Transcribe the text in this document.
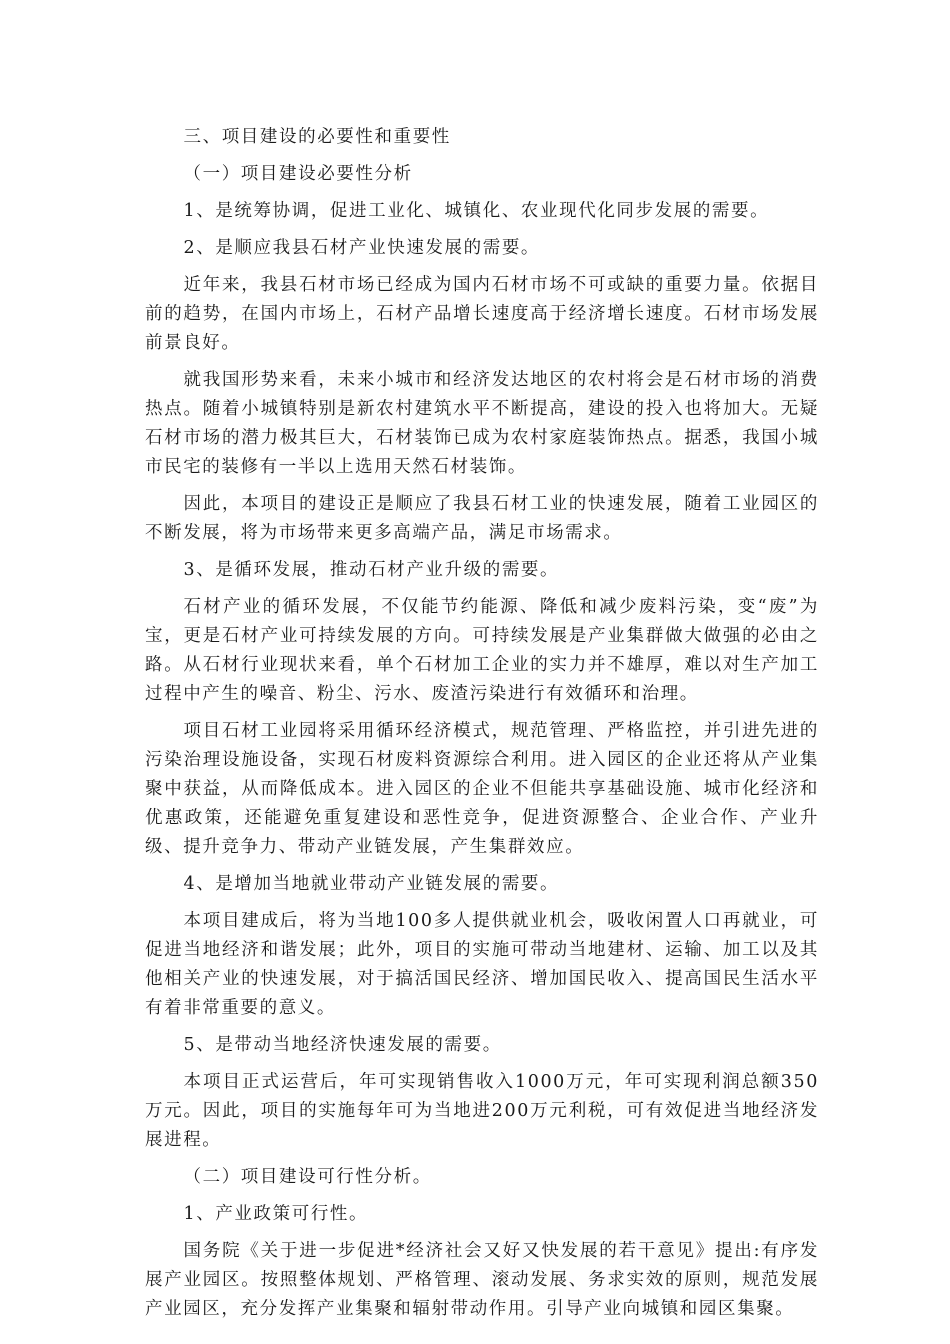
三、项目建设的必要性和重要性

（一）项目建设必要性分析

1、是统筹协调，促进工业化、城镇化、农业现代化同步发展的需要。

2、是顺应我县石材产业快速发展的需要。

近年来，我县石材市场已经成为国内石材市场不可或缺的重要力量。依据目前的趋势，在国内市场上，石材产品增长速度高于经济增长速度。石材市场发展前景良好。

就我国形势来看，未来小城市和经济发达地区的农村将会是石材市场的消费热点。随着小城镇特别是新农村建筑水平不断提高，建设的投入也将加大。无疑石材市场的潜力极其巨大，石材装饰已成为农村家庭装饰热点。据悉，我国小城市民宅的装修有一半以上选用天然石材装饰。

因此，本项目的建设正是顺应了我县石材工业的快速发展，随着工业园区的不断发展，将为市场带来更多高端产品，满足市场需求。

3、是循环发展，推动石材产业升级的需要。

石材产业的循环发展，不仅能节约能源、降低和减少废料污染，变“废”为宝，更是石材产业可持续发展的方向。可持续发展是产业集群做大做强的必由之路。从石材行业现状来看，单个石材加工企业的实力并不雄厚，难以对生产加工过程中产生的噪音、粉尘、污水、废渣污染进行有效循环和治理。

项目石材工业园将采用循环经济模式，规范管理、严格监控，并引进先进的污染治理设施设备，实现石材废料资源综合利用。进入园区的企业还将从产业集聚中获益，从而降低成本。进入园区的企业不但能共享基础设施、城市化经济和优惠政策，还能避免重复建设和恶性竞争，促进资源整合、企业合作、产业升级、提升竞争力、带动产业链发展，产生集群效应。

4、是增加当地就业带动产业链发展的需要。

本项目建成后，将为当地100多人提供就业机会，吸收闲置人口再就业，可促进当地经济和谐发展；此外，项目的实施可带动当地建材、运输、加工以及其他相关产业的快速发展，对于搞活国民经济、增加国民收入、提高国民生活水平有着非常重要的意义。

5、是带动当地经济快速发展的需要。

本项目正式运营后，年可实现销售收入1000万元，年可实现利润总额350万元。因此，项目的实施每年可为当地进200万元利税，可有效促进当地经济发展进程。

（二）项目建设可行性分析。

1、产业政策可行性。

国务院《关于进一步促进*经济社会又好又快发展的若干意见》提出:有序发展产业园区。按照整体规划、严格管理、滚动发展、务求实效的原则，规范发展产业园区，充分发挥产业集聚和辐射带动作用。引导产业向城镇和园区集聚。
